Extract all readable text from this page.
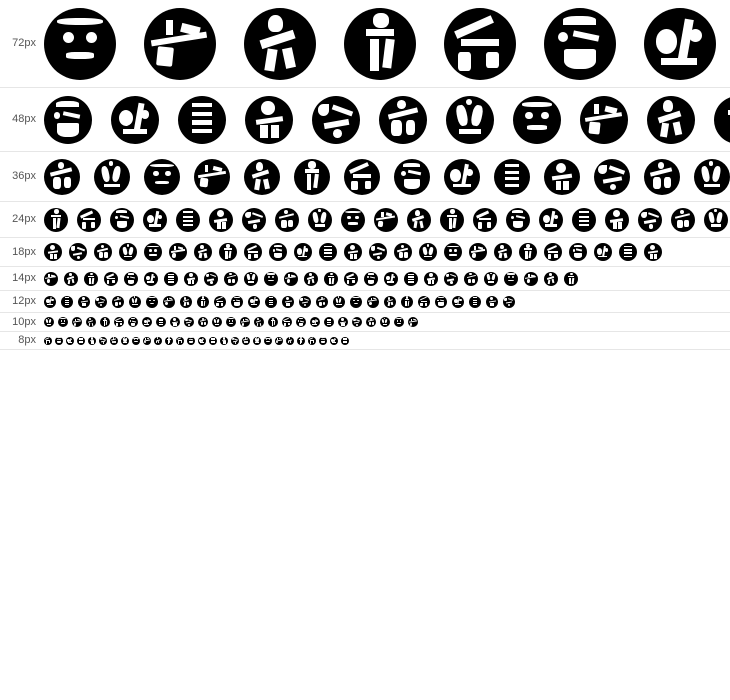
72px
48px
36px
24px
18px
14px
12px
10px
8px
